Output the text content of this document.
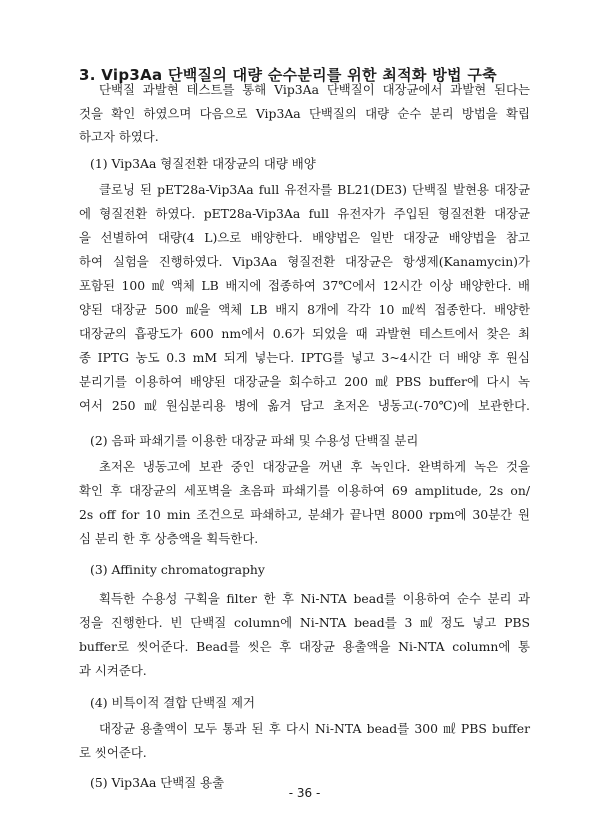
3. Vip3Aa 단백질의 대량 순수분리를 위한 최적화 방법 구축
단백질 과발현 테스트를 통해 Vip3Aa 단백질이 대장균에서 과발현 된다는
것을 확인 하였으며 다음으로 Vip3Aa 단백질의 대량 순수 분리 방법을 확립
하고자 하였다.
(1) Vip3Aa 형질전환 대장균의 대량 배양
클로닝 된 pET28a-Vip3Aa full 유전자를 BL21(DE3) 단백질 발현용 대장균
에 형질전환 하였다. pET28a-Vip3Aa full 유전자가 주입된 형질전환 대장균
을 선별하여 대량(4 L)으로 배양한다. 배양법은 일반 대장균 배양법을 참고
하여 실험을 진행하였다. Vip3Aa 형질전환 대장균은 항생제(Kanamycin)가
포함된 100 ㎖ 액체 LB 배지에 접종하여 37℃에서 12시간 이상 배양한다. 배
양된 대장균 500 ㎖을 액체 LB 배지 8개에 각각 10 ㎖씩 접종한다. 배양한
대장균의 흡광도가 600 nm에서 0.6가 되었을 때 과발현 테스트에서 찾은 최
종 IPTG 농도 0.3 mM 되게 넣는다. IPTG를 넣고 3~4시간 더 배양 후 원심
분리기를 이용하여 배양된 대장균을 회수하고 200 ㎖ PBS buffer에 다시 녹
여서 250 ㎖ 원심분리용 병에 옮겨 담고 초저온 냉동고(-70℃)에 보관한다.
(2) 음파 파쇄기를 이용한 대장균 파쇄 및 수용성 단백질 분리
초저온 냉동고에 보관 중인 대장균을 꺼낸 후 녹인다. 완벽하게 녹은 것을
확인 후 대장균의 세포벽을 초음파 파쇄기를 이용하여 69 amplitude, 2s on/
2s off for 10 min 조건으로 파쇄하고, 분쇄가 끝나면 8000 rpm에 30분간 원
심 분리 한 후 상층액을 획득한다.
(3) Affinity chromatography
획득한 수용성 구획을 filter 한 후 Ni-NTA bead를 이용하여 순수 분리 과
정을 진행한다. 빈 단백질 column에 Ni-NTA bead를 3 ㎖ 정도 넣고 PBS
buffer로 씻어준다. Bead를 씻은 후 대장균 용출액을 Ni-NTA column에 통
과 시켜준다.
(4) 비특이적 결합 단백질 제거
대장균 용출액이 모두 통과 된 후 다시 Ni-NTA bead를 300 ㎖ PBS buffer
로 씻어준다.
(5) Vip3Aa 단백질 용출
- 36 -
